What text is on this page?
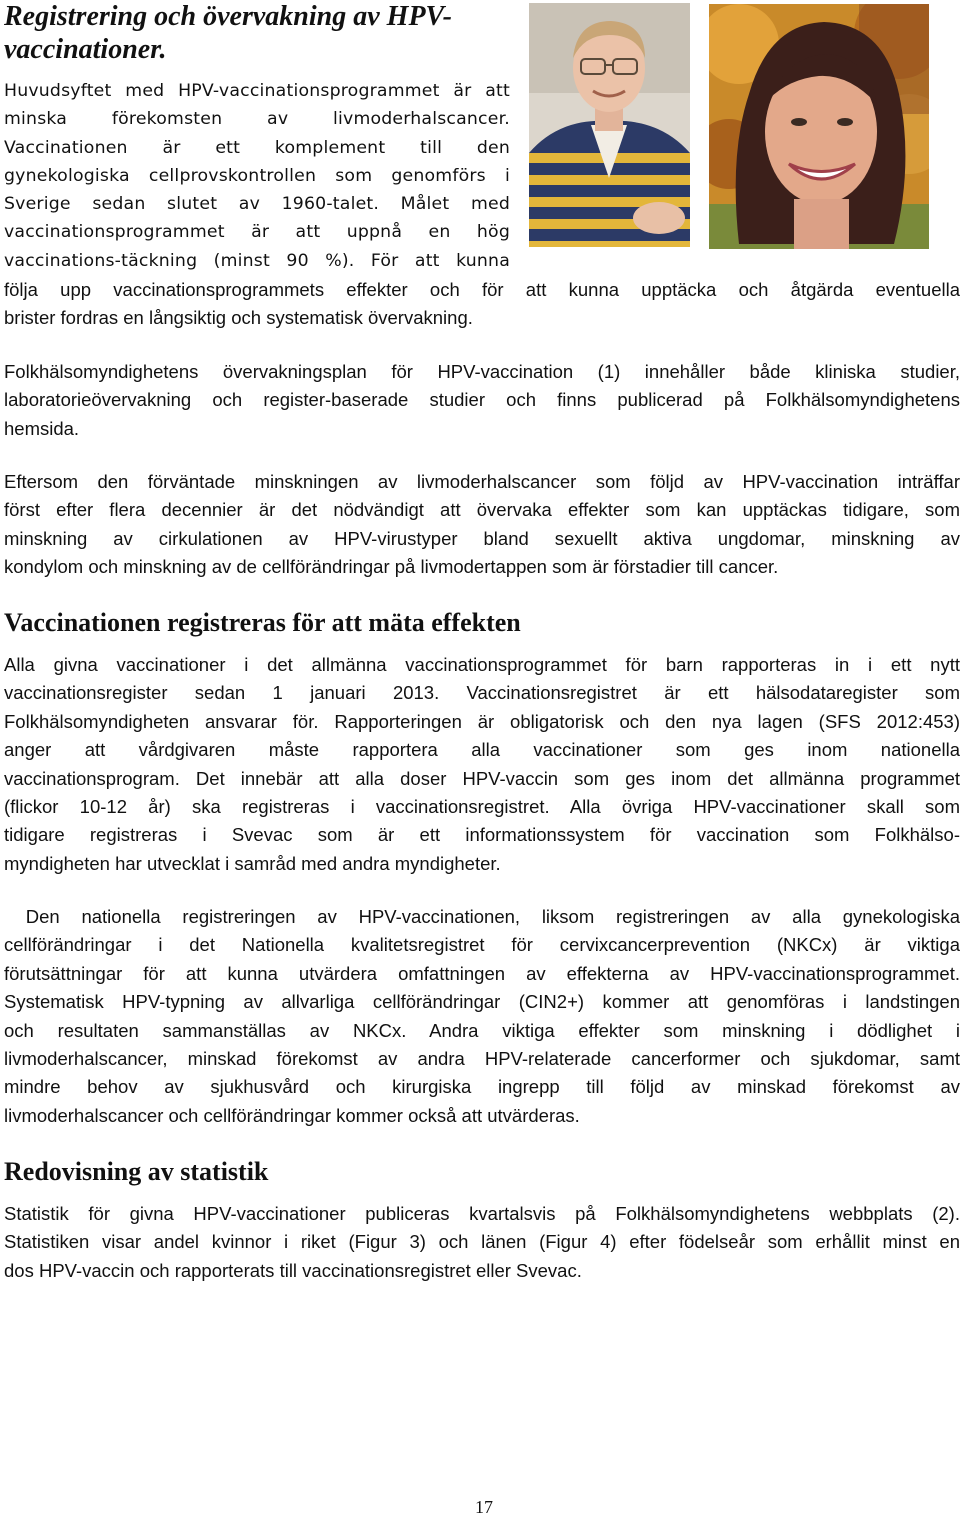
Registrering och övervakning av HPV-vaccinationer.

Huvudsyftet med HPV-vaccinationsprogrammet är att
minska förekomsten av livmoderhalscancer.
Vaccinationen är ett komplement till den
gynekologiska cellprovskontrollen som genomförs i
Sverige sedan slutet av 1960-talet. Målet med
vaccinationsprogrammet är att uppnå en hög
vaccinations-täckning (minst 90 %). För att kunna

följa upp vaccinationsprogrammets effekter och för att kunna upptäcka och åtgärda eventuella
brister fordras en långsiktig och systematisk övervakning.

Folkhälsomyndighetens övervakningsplan för HPV-vaccination (1) innehåller både kliniska studier,
laboratorieövervakning och register-baserade studier och finns publicerad på Folkhälsomyndighetens
hemsida.

Eftersom den förväntade minskningen av livmoderhalscancer som följd av HPV-vaccination inträffar
först efter flera decennier är det nödvändigt att övervaka effekter som kan upptäckas tidigare, som
minskning av cirkulationen av HPV-virustyper bland sexuellt aktiva ungdomar, minskning av
kondylom och minskning av de cellförändringar på livmodertappen som är förstadier till cancer.

Vaccinationen registreras för att mäta effekten

Alla givna vaccinationer i det allmänna vaccinationsprogrammet för barn rapporteras in i ett nytt
vaccinationsregister sedan 1 januari 2013. Vaccinationsregistret är ett hälsodataregister som
Folkhälsomyndigheten ansvarar för. Rapporteringen är obligatorisk och den nya lagen (SFS 2012:453)
anger att vårdgivaren måste rapportera alla vaccinationer som ges inom nationella
vaccinationsprogram. Det innebär att alla doser HPV-vaccin som ges inom det allmänna programmet
(flickor 10-12 år) ska registreras i vaccinationsregistret. Alla övriga HPV-vaccinationer skall som
tidigare registreras i Svevac som är ett informationssystem för vaccination som Folkhälso-
myndigheten har utvecklat i samråd med andra myndigheter.

Den nationella registreringen av HPV-vaccinationen, liksom registreringen av alla gynekologiska
cellförändringar i det Nationella kvalitetsregistret för cervixcancerprevention (NKCx) är viktiga
förutsättningar för att kunna utvärdera omfattningen av effekterna av HPV-vaccinationsprogrammet.
Systematisk HPV-typning av allvarliga cellförändringar (CIN2+) kommer att genomföras i landstingen
och resultaten sammanställas av NKCx. Andra viktiga effekter som minskning i dödlighet i
livmoderhalscancer, minskad förekomst av andra HPV-relaterade cancerformer och sjukdomar, samt
mindre behov av sjukhusvård och kirurgiska ingrepp till följd av minskad förekomst av
livmoderhalscancer och cellförändringar kommer också att utvärderas.

Redovisning av statistik

Statistik för givna HPV-vaccinationer publiceras kvartalsvis på Folkhälsomyndighetens webbplats (2).
Statistiken visar andel kvinnor i riket (Figur 3) och länen (Figur 4) efter födelseår som erhållit minst en
dos HPV-vaccin och rapporterats till vaccinationsregistret eller Svevac.

17
